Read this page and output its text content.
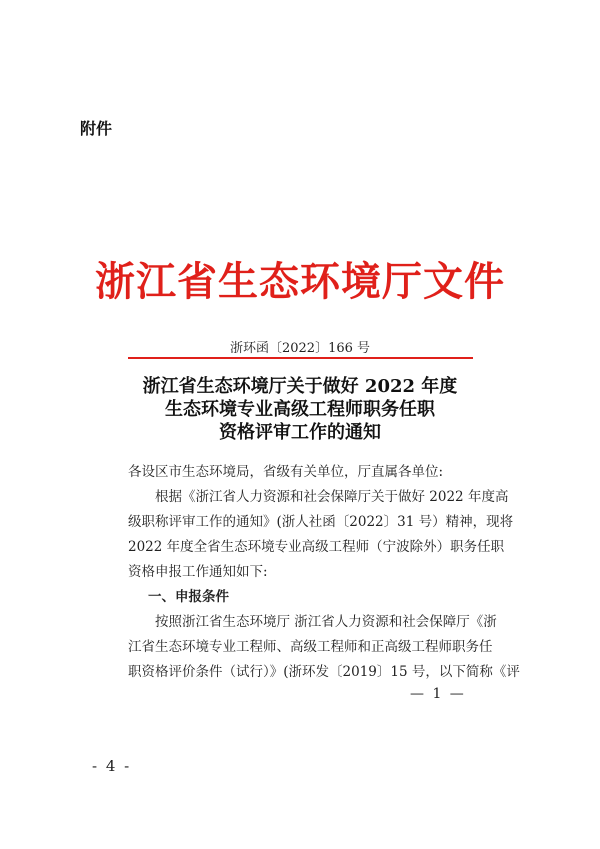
附件
浙江省生态环境厅文件
浙环函〔2022〕166 号
浙江省生态环境厅关于做好 2022 年度
生态环境专业高级工程师职务任职
资格评审工作的通知

各设区市生态环境局，省级有关单位，厅直属各单位:

根据《浙江省人力资源和社会保障厅关于做好 2022 年度高

级职称评审工作的通知》(浙人社函〔2022〕31 号）精神，现将

2022 年度全省生态环境专业高级工程师（宁波除外）职务任职

资格申报工作通知如下:

一、申报条件

按照浙江省生态环境厅 浙江省人力资源和社会保障厅《浙

江省生态环境专业工程师、高级工程师和正高级工程师职务任

职资格评价条件（试行）》(浙环发〔2019〕15 号，以下简称《评

— 1 —
- 4 -
